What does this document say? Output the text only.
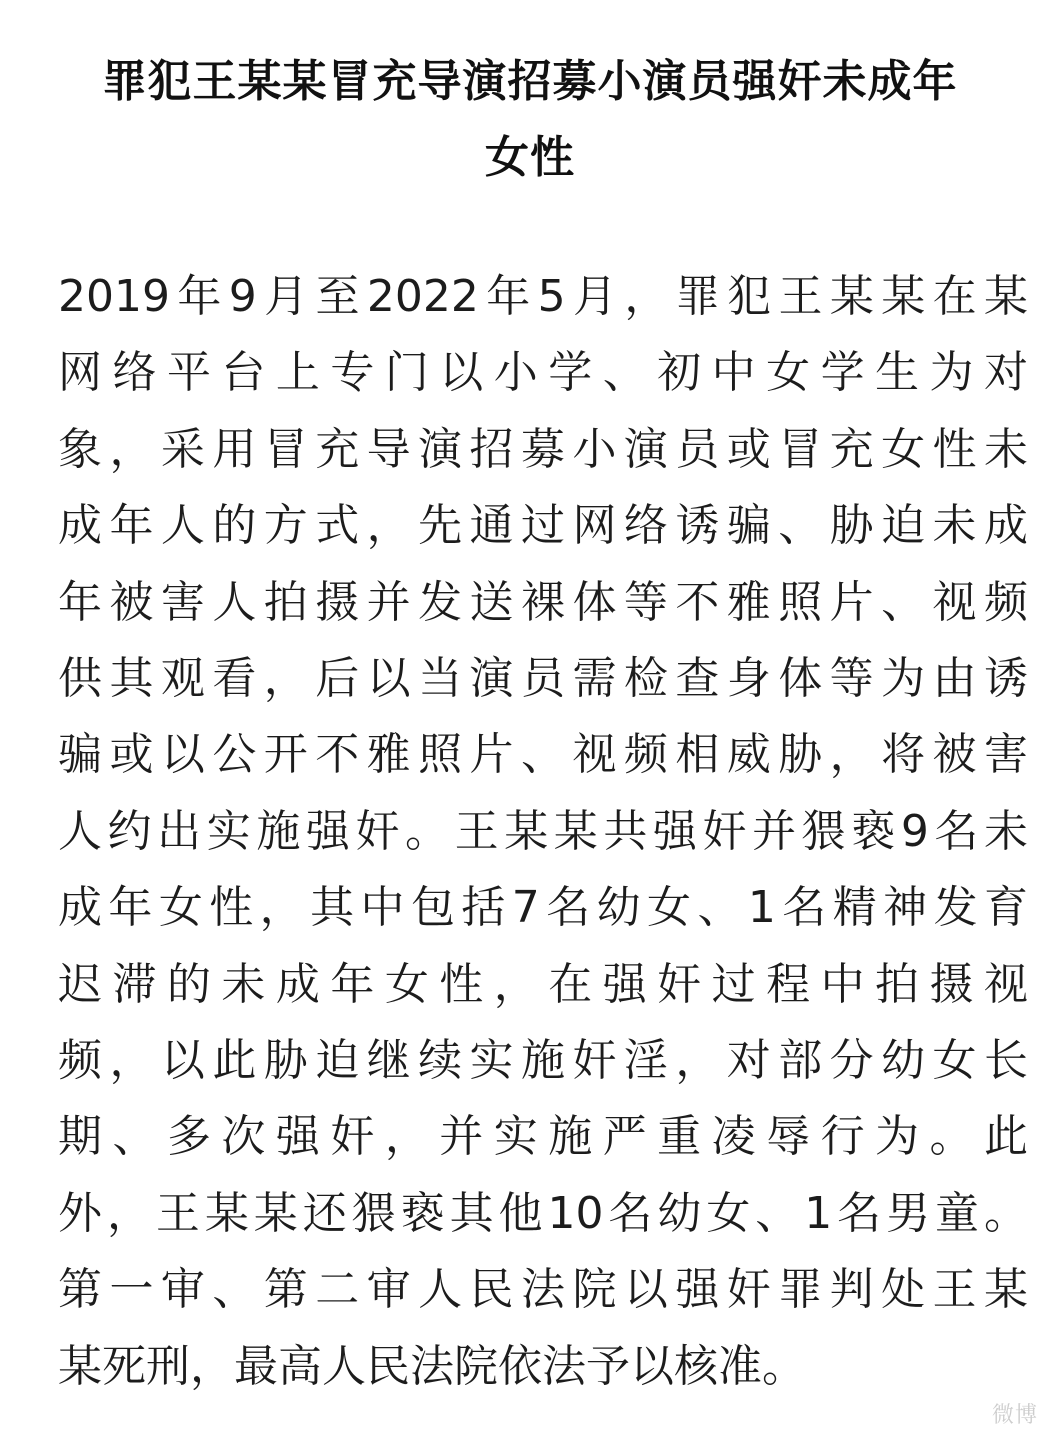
罪犯王某某冒充导演招募小演员强奸未成年
女性
2019年9月至2022年5月，罪犯王某某在某
网络平台上专门以小学、初中女学生为对
象，采用冒充导演招募小演员或冒充女性未
成年人的方式，先通过网络诱骗、胁迫未成
年被害人拍摄并发送裸体等不雅照片、视频
供其观看，后以当演员需检查身体等为由诱
骗或以公开不雅照片、视频相威胁，将被害
人约出实施强奸。王某某共强奸并猥亵9名未
成年女性，其中包括7名幼女、1名精神发育
迟滞的未成年女性，在强奸过程中拍摄视
频，以此胁迫继续实施奸淫，对部分幼女长
期、多次强奸，并实施严重凌辱行为。此
外，王某某还猥亵其他10名幼女、1名男童。
第一审、第二审人民法院以强奸罪判处王某
某死刑，最高人民法院依法予以核准。
微博
